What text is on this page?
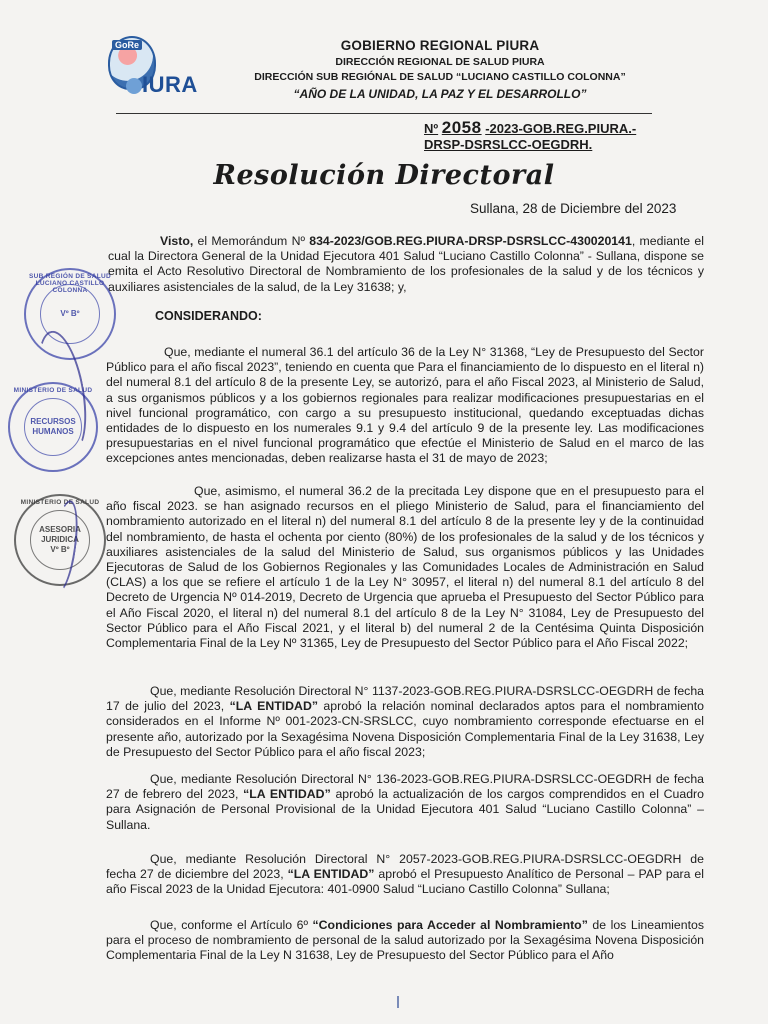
GoRe
IURA
GOBIERNO REGIONAL PIURA
DIRECCIÓN REGIONAL DE SALUD PIURA
DIRECCIÓN SUB REGIÓNAL DE SALUD “LUCIANO CASTILLO COLONNA”
“AÑO DE LA UNIDAD, LA PAZ Y EL DESARROLLO”
Nº 2058 -2023-GOB.REG.PIURA.-
DRSP-DSRSLCC-OEGDRH.
Resolución Directoral
Sullana, 28 de Diciembre del 2023
Visto, el Memorándum Nº 834-2023/GOB.REG.PIURA-DRSP-DSRSLCC-430020141, mediante el cual la Directora General de la Unidad Ejecutora 401 Salud “Luciano Castillo Colonna” - Sullana, dispone se emita el Acto Resolutivo Directoral de Nombramiento de los profesionales de la salud y de los técnicos y auxiliares asistenciales de la salud, de la Ley 31638; y,
CONSIDERANDO:
Que, mediante el numeral 36.1 del artículo 36 de la Ley N° 31368, “Ley de Presupuesto del Sector Público para el año fiscal 2023”, teniendo en cuenta que Para el financiamiento de lo dispuesto en el literal n) del numeral 8.1 del artículo 8 de la presente Ley, se autorizó, para el año Fiscal 2023, al Ministerio de Salud, a sus organismos públicos y a los gobiernos regionales para realizar modificaciones presupuestarias en el nivel funcional programático, con cargo a su presupuesto institucional, quedando exceptuadas dichas entidades de lo dispuesto en los numerales 9.1 y 9.4 del artículo 9 de la presente ley. Las modificaciones presupuestarias en el nivel funcional programático que efectúe el Ministerio de Salud en el marco de las excepciones antes mencionadas, deben realizarse hasta el 31 de mayo de 2023;
Que, asimismo, el numeral 36.2 de la precitada Ley dispone que en el presupuesto para el año fiscal 2023. se han asignado recursos en el pliego Ministerio de Salud, para el financiamiento del nombramiento autorizado en el literal n) del numeral 8.1 del artículo 8 de la presente ley y de la continuidad del nombramiento, de hasta el ochenta por ciento (80%) de los profesionales de la salud y de los técnicos y auxiliares asistenciales de la salud del Ministerio de Salud, sus organismos públicos y las Unidades Ejecutoras de Salud de los Gobiernos Regionales y las Comunidades Locales de Administración en Salud (CLAS) a los que se refiere el artículo 1 de la Ley N° 30957, el literal n) del numeral 8.1 del artículo 8 del Decreto de Urgencia Nº 014-2019, Decreto de Urgencia que aprueba el Presupuesto del Sector Público para el Año Fiscal 2020, el literal n) del numeral 8.1 del artículo 8 de la Ley N° 31084, Ley de Presupuesto del Sector Público para el Año Fiscal 2021, y el literal b) del numeral 2 de la Centésima Quinta Disposición Complementaria Final de la Ley Nº 31365, Ley de Presupuesto del Sector Público para el Año Fiscal 2022;
Que, mediante Resolución Directoral N° 1137-2023-GOB.REG.PIURA-DSRSLCC-OEGDRH de fecha 17 de julio del 2023, “LA ENTIDAD” aprobó la relación nominal declarados aptos para el nombramiento considerados en el Informe Nº 001-2023-CN-SRSLCC, cuyo nombramiento corresponde efectuarse en el presente año, autorizado por la Sexagésima Novena Disposición Complementaria Final de la Ley 31638, Ley de Presupuesto del Sector Público para el año fiscal 2023;
Que, mediante Resolución Directoral N° 136-2023-GOB.REG.PIURA-DSRSLCC-OEGDRH de fecha 27 de febrero del 2023, “LA ENTIDAD” aprobó la actualización de los cargos comprendidos en el Cuadro para Asignación de Personal Provisional de la Unidad Ejecutora 401 Salud “Luciano Castillo Colonna” – Sullana.
Que, mediante Resolución Directoral N° 2057-2023-GOB.REG.PIURA-DSRSLCC-OEGDRH de fecha 27 de diciembre del 2023, “LA ENTIDAD” aprobó el Presupuesto Analítico de Personal – PAP para el año Fiscal 2023 de la Unidad Ejecutora: 401-0900 Salud “Luciano Castillo Colonna” Sullana;
Que, conforme el Artículo 6º “Condiciones para Acceder al Nombramiento” de los Lineamientos para el proceso de nombramiento de personal de la salud autorizado por la Sexagésima Novena Disposición Complementaria Final de la Ley N 31638, Ley de Presupuesto del Sector Público para el Año
SUB REGIÓN DE SALUD LUCIANO CASTILLO COLONNA
Vº Bº
MINISTERIO DE SALUD
RECURSOS HUMANOS
MINISTERIO DE SALUD
ASESORIA
JURIDICA
Vº Bº
